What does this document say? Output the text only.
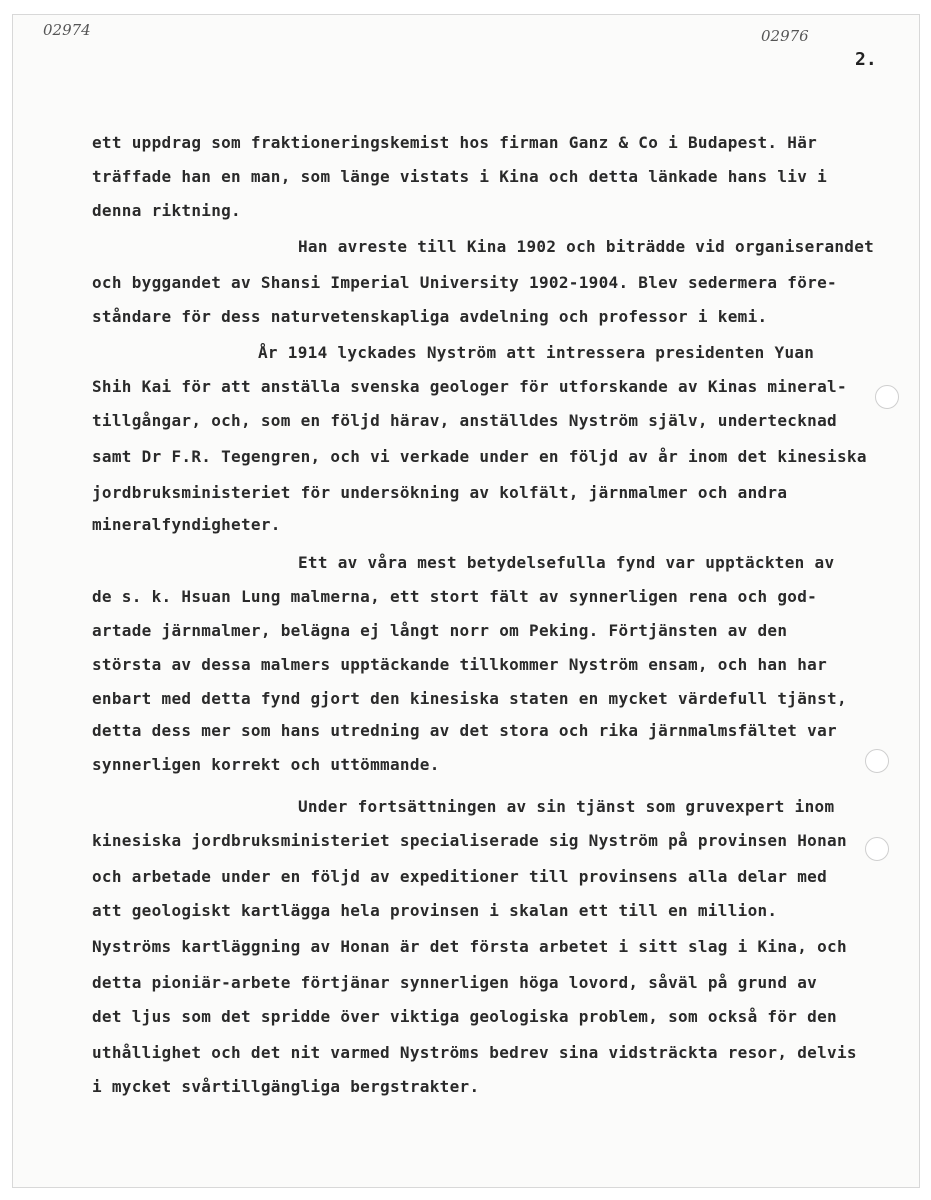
02974	02976
2.
ett uppdrag som fraktioneringskemist hos firman Ganz & Co i Budapest. Här
träffade han en man, som länge vistats i Kina och detta länkade hans liv i
denna riktning.
Han avreste till Kina 1902 och biträdde vid organiserandet
och byggandet av Shansi Imperial University 1902-1904. Blev sedermera före-
ståndare för dess naturvetenskapliga avdelning och professor i kemi.
År 1914 lyckades Nyström att intressera presidenten Yuan
Shih Kai för att anställa svenska geologer för utforskande av Kinas mineral-
tillgångar, och, som en följd härav, anställdes Nyström själv, undertecknad
samt Dr F.R. Tegengren, och vi verkade under en följd av år inom det kinesiska
jordbruksministeriet för undersökning av kolfält, järnmalmer och andra
mineralfyndigheter.
Ett av våra mest betydelsefulla fynd var upptäckten av
de s. k. Hsuan Lung malmerna, ett stort fält av synnerligen rena och god-
artade järnmalmer, belägna ej långt norr om Peking. Förtjänsten av den
största av dessa malmers upptäckande tillkommer Nyström ensam, och han har
enbart med detta fynd gjort den kinesiska staten en mycket värdefull tjänst,
detta dess mer som hans utredning av det stora och rika järnmalmsfältet var
synnerligen korrekt och uttömmande.
Under fortsättningen av sin tjänst som gruvexpert inom
kinesiska jordbruksministeriet specialiserade sig Nyström på provinsen Honan
och arbetade under en följd av expeditioner till provinsens alla delar med
att geologiskt kartlägga hela provinsen i skalan ett till en million.
Nyströms kartläggning av Honan är det första arbetet i sitt slag i Kina, och
detta pioniär-arbete förtjänar synnerligen höga lovord, såväl på grund av
det ljus som det spridde över viktiga geologiska problem, som också för den
uthållighet och det nit varmed Nyströms bedrev sina vidsträckta resor, delvis
i mycket svårtillgängliga bergstrakter.
